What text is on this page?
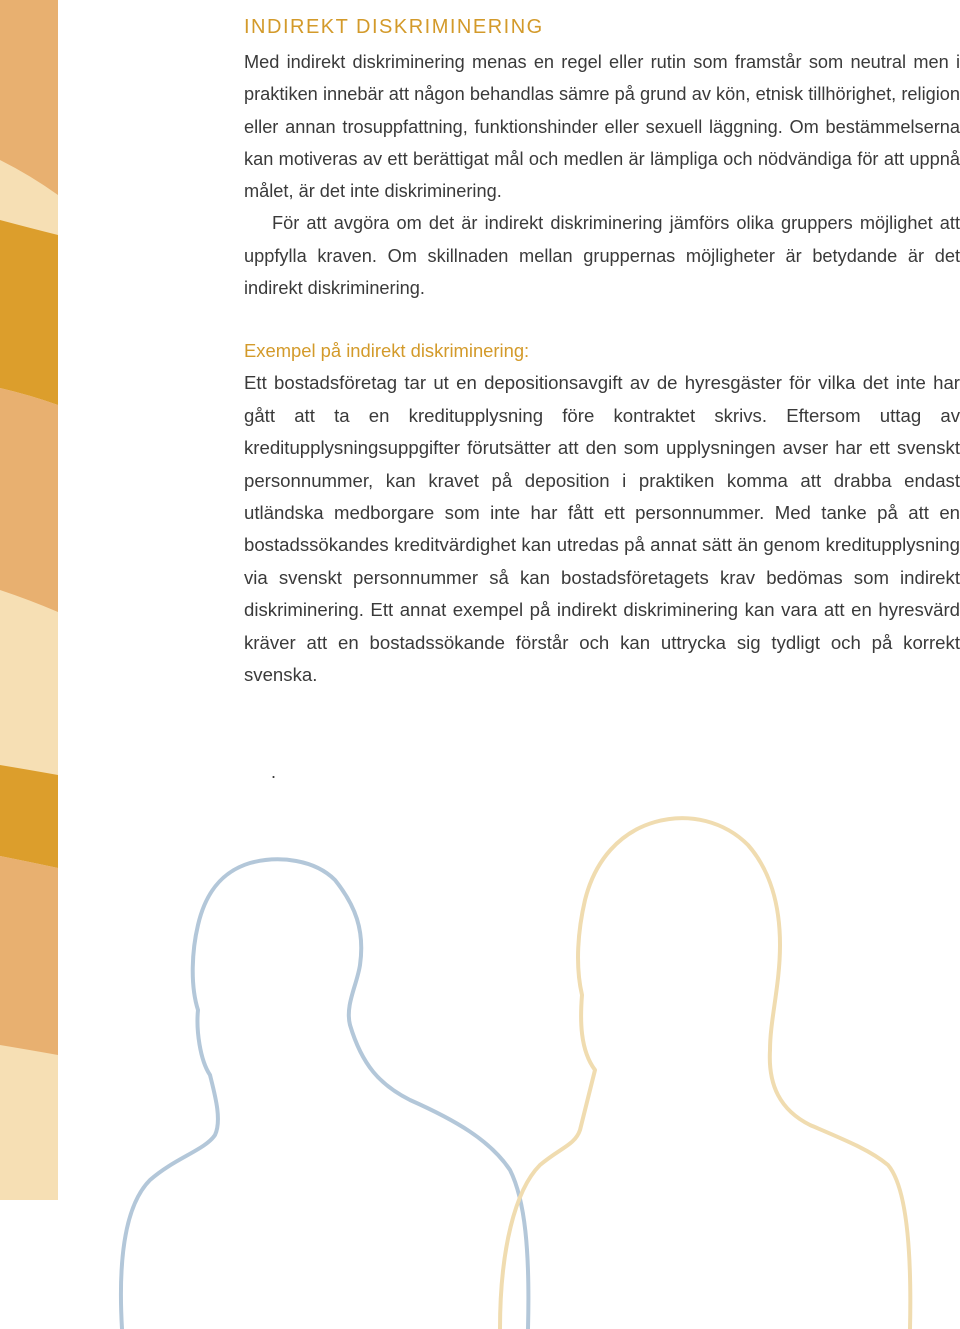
INDIREKT DISKRIMINERING

Med indirekt diskriminering menas en regel eller rutin som framstår som neutral men i praktiken innebär att någon behandlas sämre på grund av kön, etnisk tillhörighet, religion eller annan trosuppfattning, funktionshinder eller sexuell läggning. Om bestämmelserna kan motiveras av ett berättigat mål och medlen är lämpliga och nödvändiga för att uppnå målet, är det inte diskriminering.

För att avgöra om det är indirekt diskriminering jämförs olika gruppers möjlighet att uppfylla kraven. Om skillnaden mellan gruppernas möjligheter är betydande är det indirekt diskriminering.

Exempel på indirekt diskriminering:

Ett bostadsföretag tar ut en depositionsavgift av de hyresgäster för vilka det inte har gått att ta en kreditupplysning före kontraktet skrivs. Eftersom uttag av kreditupplysningsuppgifter förutsätter att den som upplysningen avser har ett svenskt personnummer, kan kravet på deposition i praktiken komma att drabba endast utländska medborgare som inte har fått ett personnummer. Med tanke på att en bostadssökandes kreditvärdighet kan utredas på annat sätt än genom kreditupplysning via svenskt personnummer så kan bostadsföretagets krav bedömas som indirekt diskriminering. Ett annat exempel på indirekt diskriminering kan vara att en hyresvärd kräver att en bostadssökande förstår och kan uttrycka sig tydligt och på korrekt svenska.

.
